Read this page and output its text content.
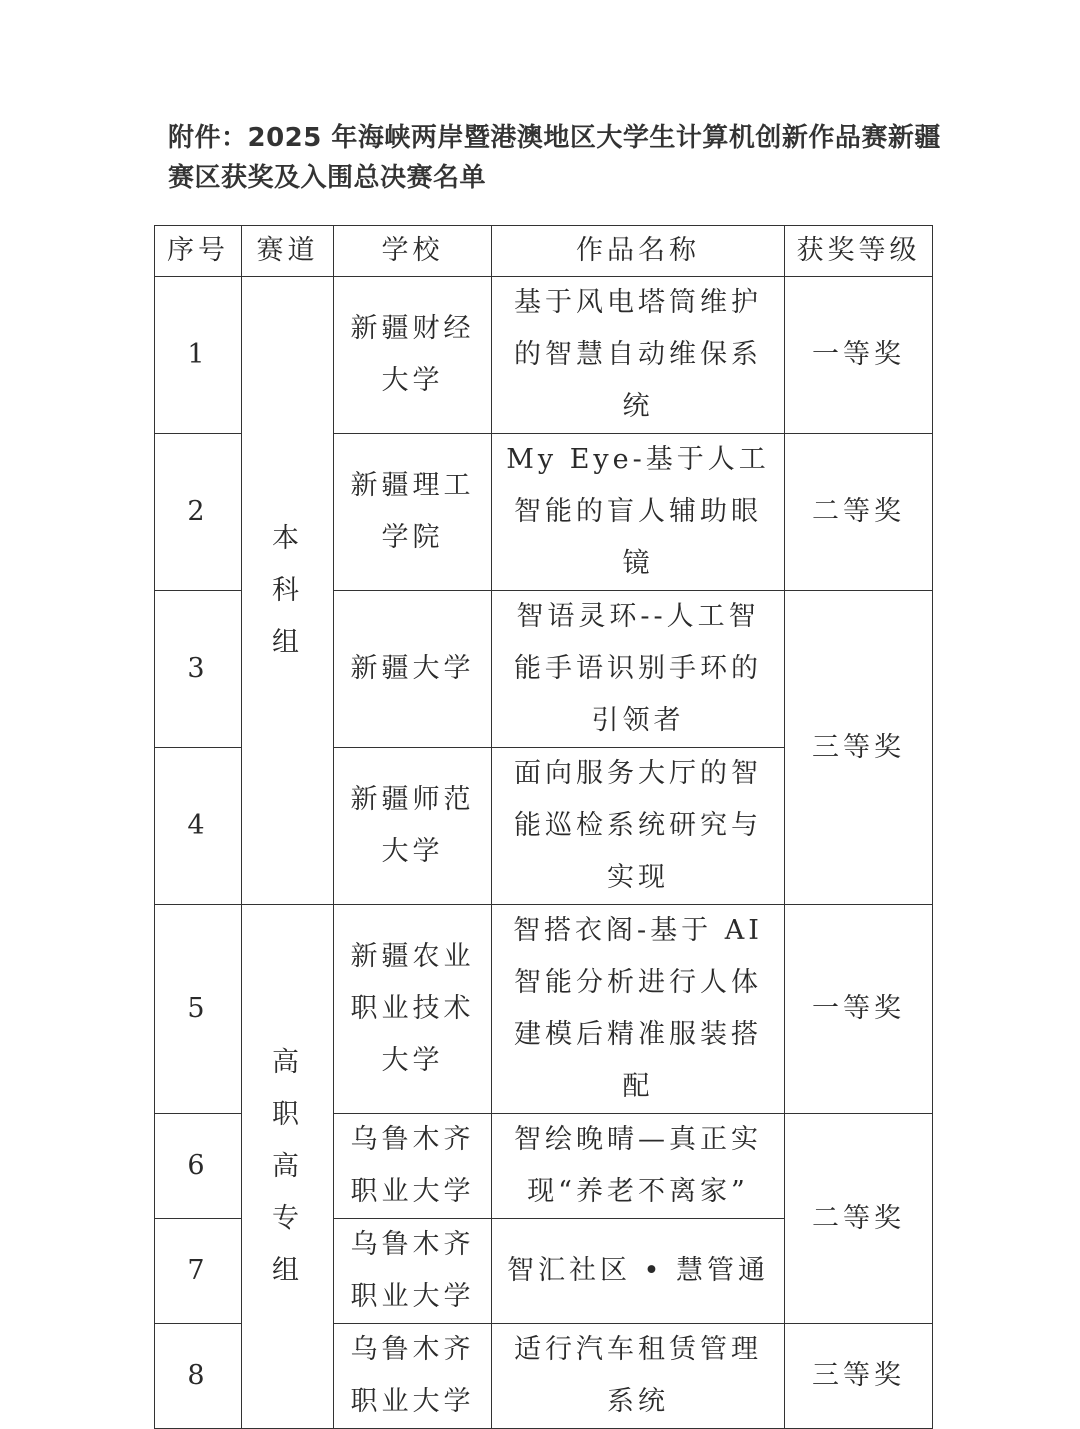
附件：2025 年海峡两岸暨港澳地区大学生计算机创新作品赛新疆赛区获奖及入围总决赛名单
序号	赛道	学校	作品名称	获奖等级
1	本科组	新疆财经大学	基于风电塔筒维护的智慧自动维保系统	一等奖
2		新疆理工学院	My Eye-基于人工智能的盲人辅助眼镜	二等奖
3		新疆大学	智语灵环--人工智能手语识别手环的引领者	三等奖
4		新疆师范大学	面向服务大厅的智能巡检系统研究与实现	
5	高职高专组	新疆农业职业技术大学	智搭衣阁-基于 AI 智能分析进行人体建模后精准服装搭配	一等奖
6		乌鲁木齐职业大学	智绘晚晴—真正实现“养老不离家”	二等奖
7		乌鲁木齐职业大学	智汇社区 • 慧管通	
8		乌鲁木齐职业大学	适行汽车租赁管理系统	三等奖
